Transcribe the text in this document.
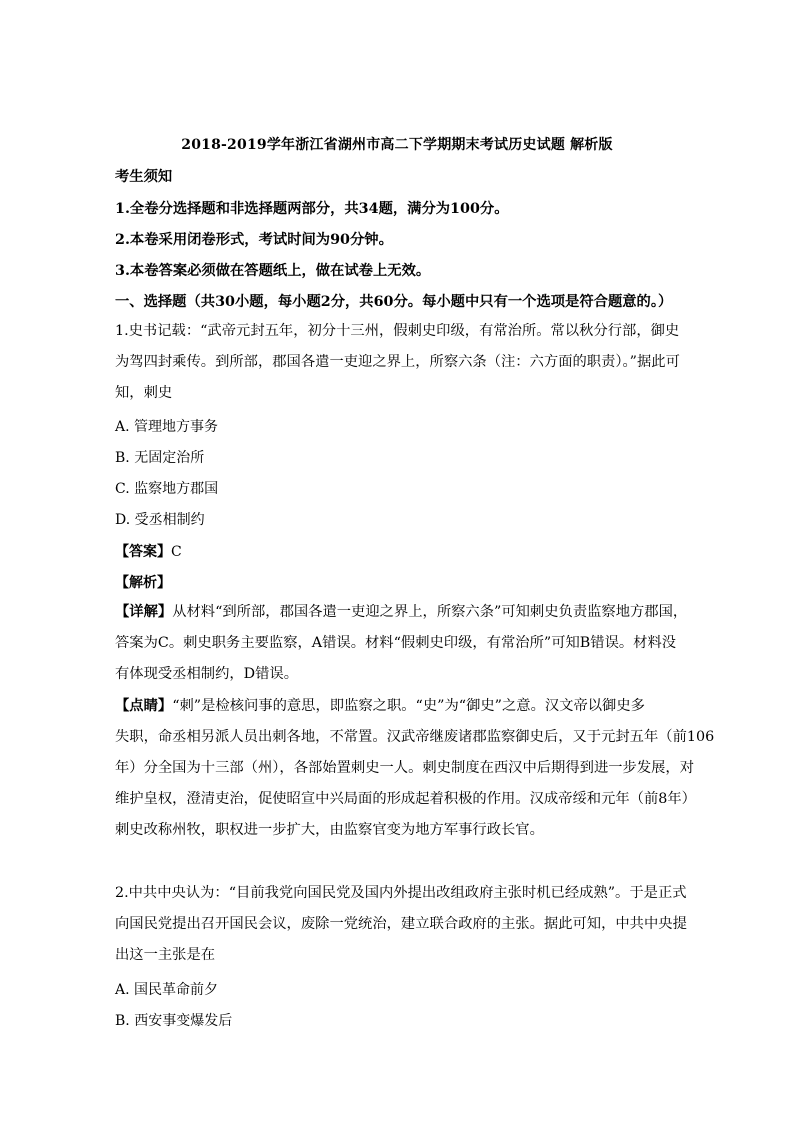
2018-2019学年浙江省湖州市高二下学期期末考试历史试题 解析版
考生须知
1.全卷分选择题和非选择题两部分，共34题，满分为100分。
2.本卷采用闭卷形式，考试时间为90分钟。
3.本卷答案必须做在答题纸上，做在试卷上无效。
一、选择题（共30小题，每小题2分，共60分。每小题中只有一个选项是符合题意的。）
1.史书记载：“武帝元封五年，初分十三州，假刺史印级，有常治所。常以秋分行部，御史
为驾四封乘传。到所部，郡国各遣一吏迎之界上，所察六条（注：六方面的职责）。”据此可
知，刺史
A. 管理地方事务
B. 无固定治所
C. 监察地方郡国
D. 受丞相制约
【答案】C
【解析】
【详解】从材料“到所部，郡国各遣一吏迎之界上，所察六条”可知刺史负责监察地方郡国，
答案为C。刺史职务主要监察，A错误。材料“假刺史印级，有常治所”可知B错误。材料没
有体现受丞相制约，D错误。
【点睛】“刺”是检核问事的意思，即监察之职。“史”为“御史”之意。汉文帝以御史多
失职，命丞相另派人员出刺各地，不常置。汉武帝继废诸郡监察御史后，又于元封五年（前106
年）分全国为十三部（州），各部始置刺史一人。刺史制度在西汉中后期得到进一步发展，对
维护皇权，澄清吏治，促使昭宣中兴局面的形成起着积极的作用。汉成帝绥和元年（前8年）
刺史改称州牧，职权进一步扩大，由监察官变为地方军事行政长官。
2.中共中央认为：“目前我党向国民党及国内外提出改组政府主张时机已经成熟”。于是正式
向国民党提出召开国民会议，废除一党统治，建立联合政府的主张。据此可知，中共中央提
出这一主张是在
A. 国民革命前夕
B. 西安事变爆发后
